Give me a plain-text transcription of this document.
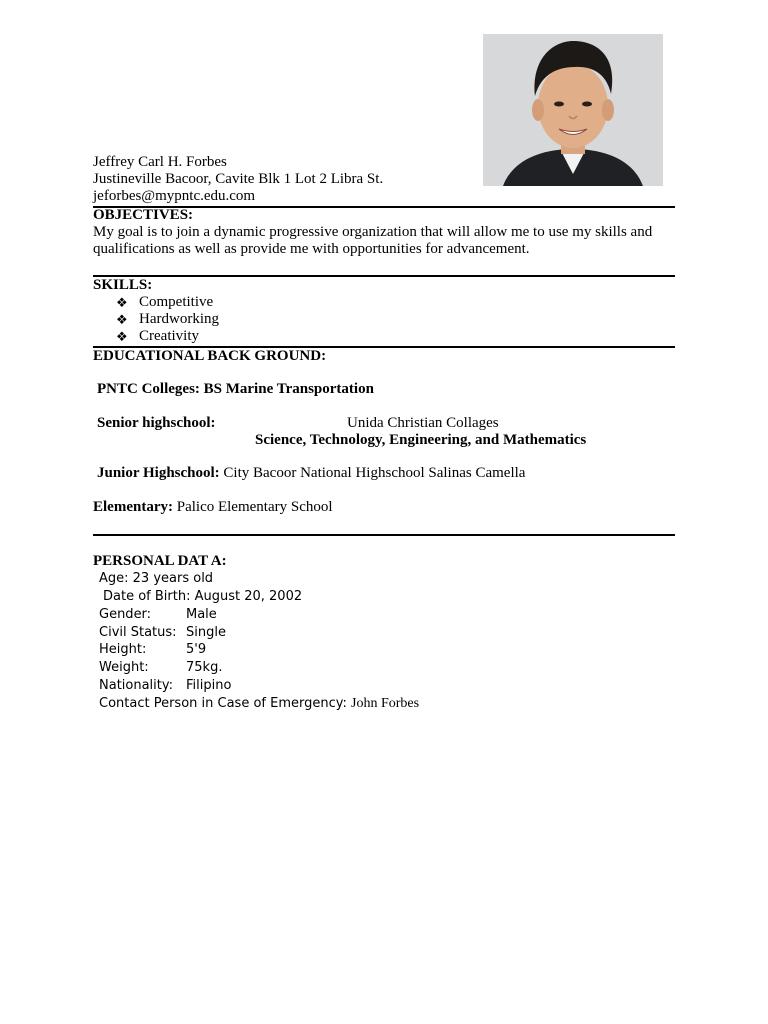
Jeffrey Carl H. Forbes
Justineville Bacoor, Cavite Blk 1 Lot 2 Libra St.
jeforbes@mypntc.edu.com
OBJECTIVES:
My goal is to join a dynamic progressive organization that will allow me to use my skills and qualifications as well as provide me with opportunities for advancement.
SKILLS:
❖ Competitive
❖ Hardworking
❖ Creativity
EDUCATIONAL BACK GROUND:
PNTC Colleges: BS Marine Transportation
Senior highschool:	Unida Christian Collages
Science, Technology, Engineering, and Mathematics
Junior Highschool: City Bacoor National Highschool Salinas Camella
Elementary: Palico Elementary School
PERSONAL DAT A:
Age: 23 years old
Date of Birth: August 20, 2002
Gender:	Male
Civil Status: Single
Height:	5'9
Weight:	75kg.
Nationality: Filipino
Contact Person in Case of Emergency: John Forbes
